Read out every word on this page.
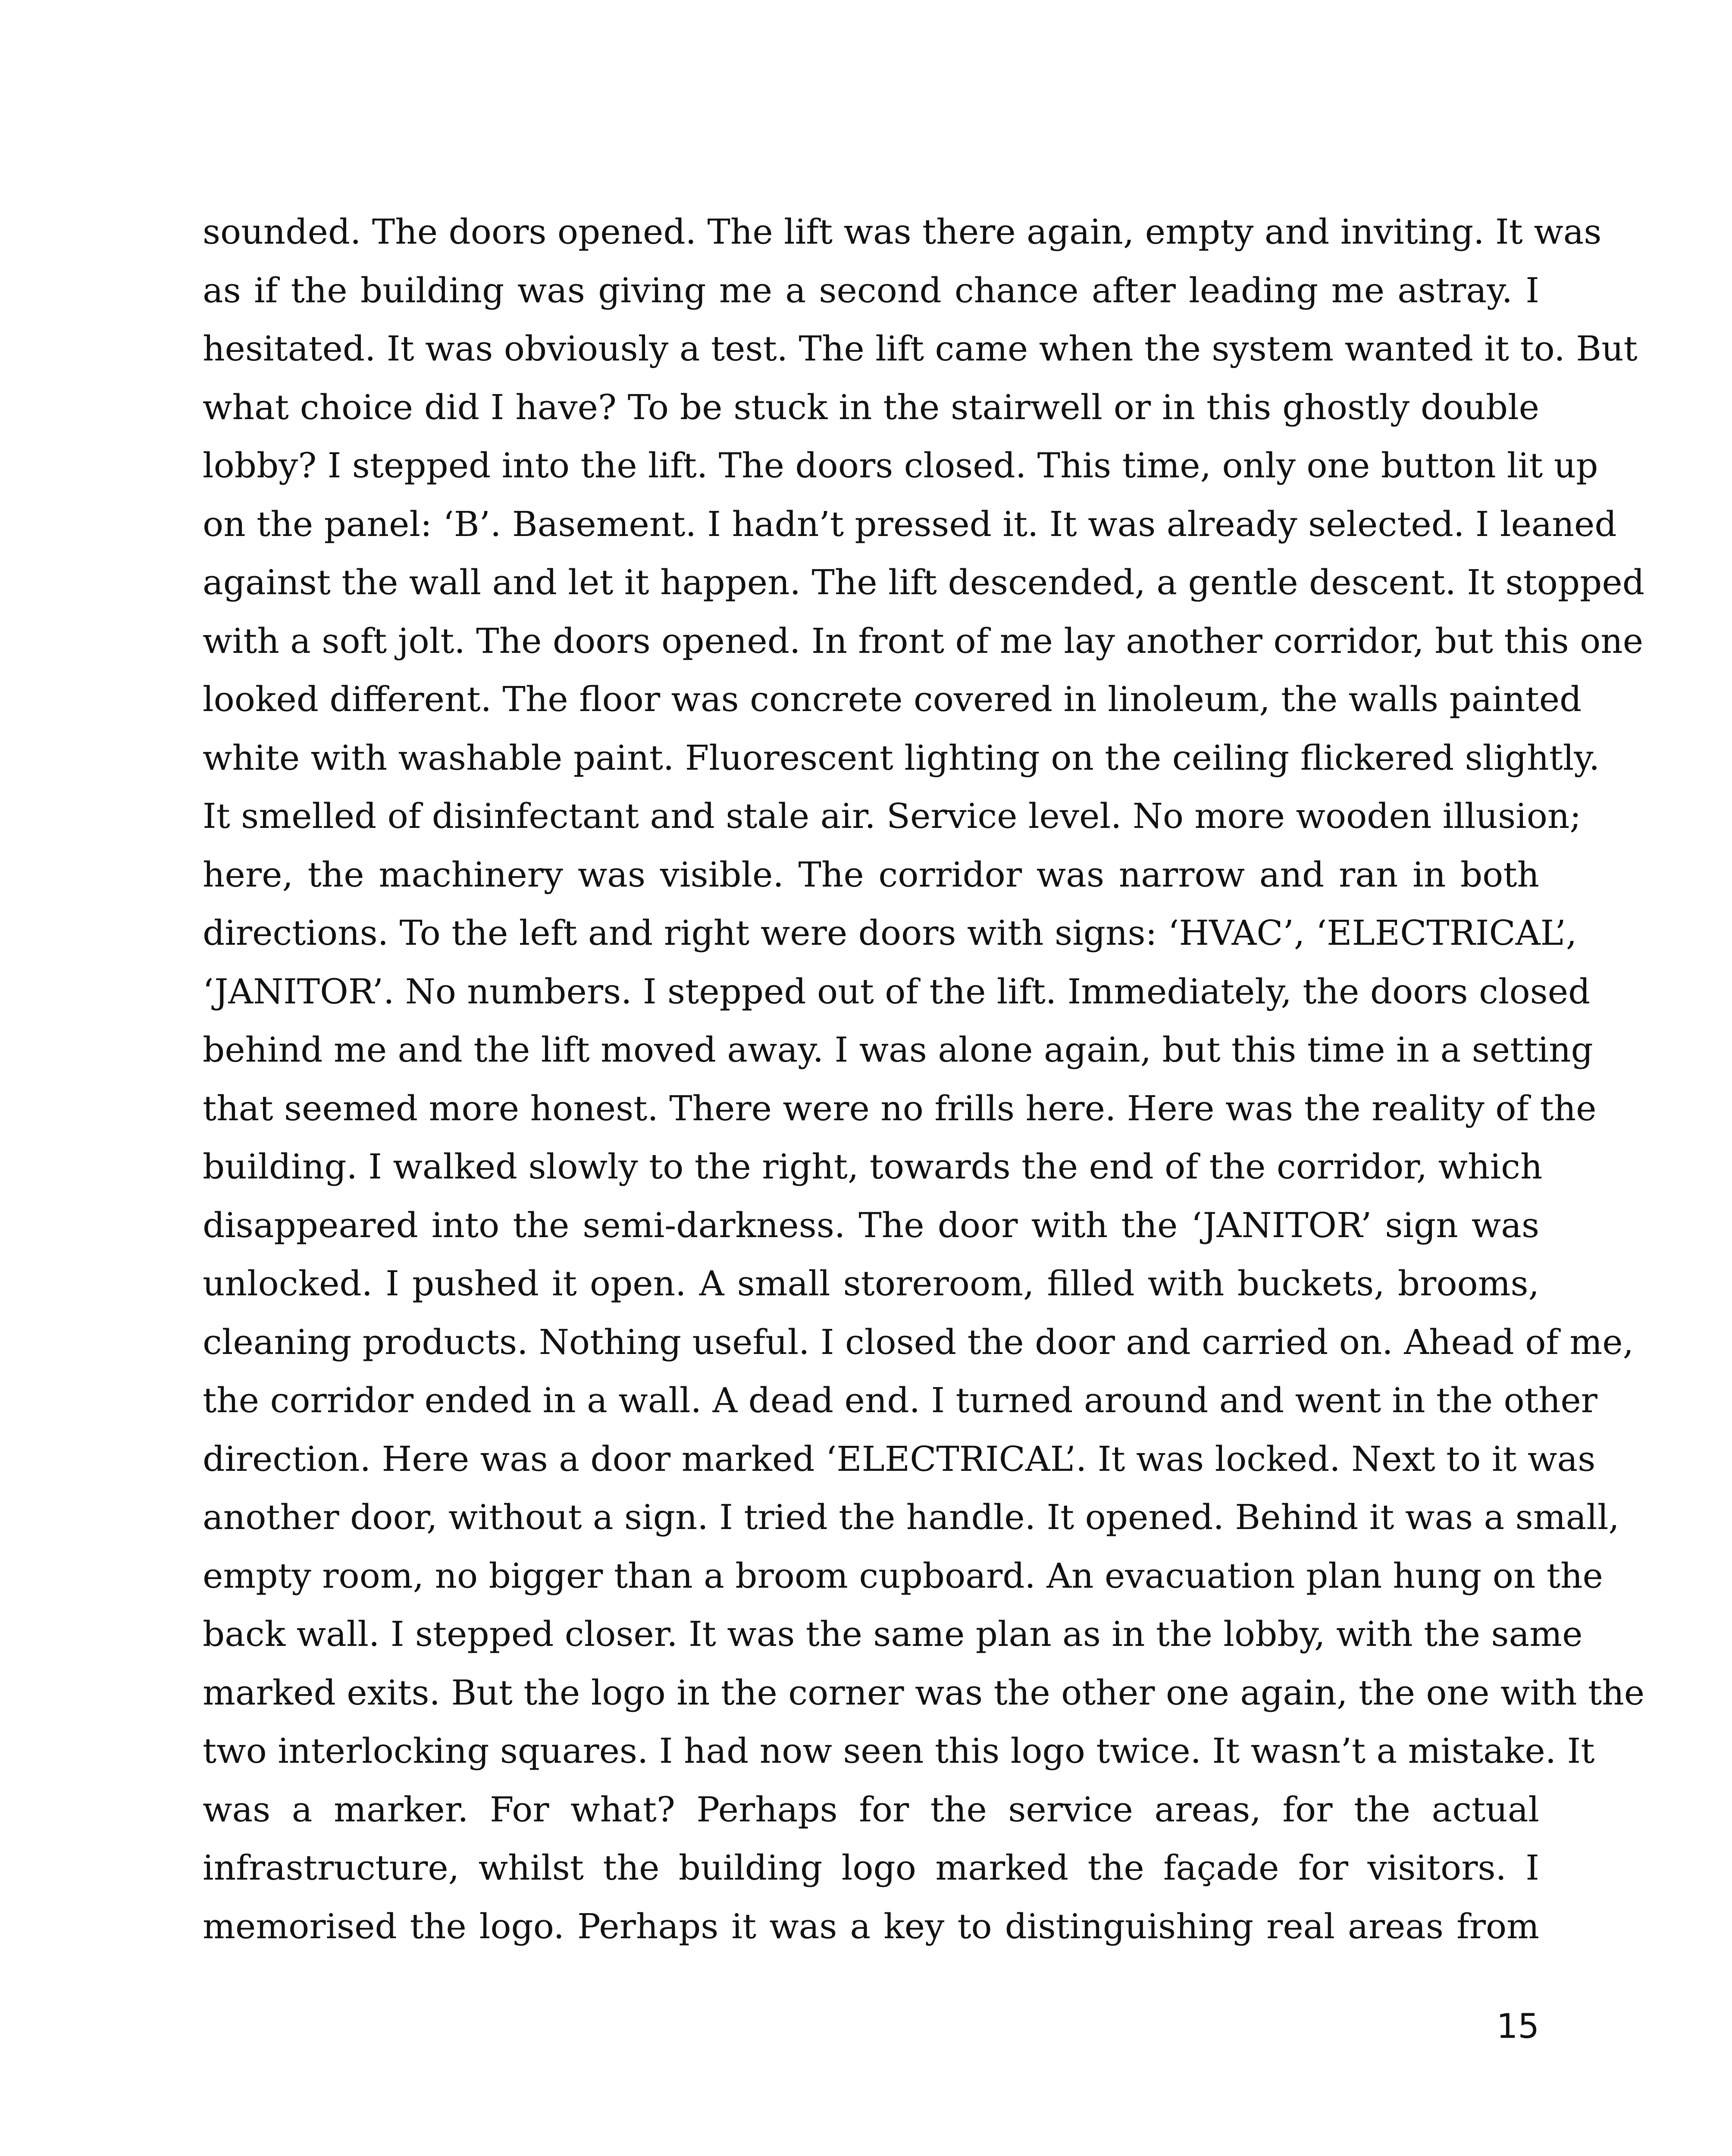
sounded. The doors opened. The lift was there again, empty and inviting. It was
as if the building was giving me a second chance after leading me astray. I
hesitated. It was obviously a test. The lift came when the system wanted it to. But
what choice did I have? To be stuck in the stairwell or in this ghostly double
lobby? I stepped into the lift. The doors closed. This time, only one button lit up
on the panel: ‘B’. Basement. I hadn’t pressed it. It was already selected. I leaned
against the wall and let it happen. The lift descended, a gentle descent. It stopped
with a soft jolt. The doors opened. In front of me lay another corridor, but this one
looked different. The floor was concrete covered in linoleum, the walls painted
white with washable paint. Fluorescent lighting on the ceiling flickered slightly.
It smelled of disinfectant and stale air. Service level. No more wooden illusion;
here, the machinery was visible. The corridor was narrow and ran in both
directions. To the left and right were doors with signs: ‘HVAC’, ‘ELECTRICAL’,
‘JANITOR’. No numbers. I stepped out of the lift. Immediately, the doors closed
behind me and the lift moved away. I was alone again, but this time in a setting
that seemed more honest. There were no frills here. Here was the reality of the
building. I walked slowly to the right, towards the end of the corridor, which
disappeared into the semi-darkness. The door with the ‘JANITOR’ sign was
unlocked. I pushed it open. A small storeroom, filled with buckets, brooms,
cleaning products. Nothing useful. I closed the door and carried on. Ahead of me,
the corridor ended in a wall. A dead end. I turned around and went in the other
direction. Here was a door marked ‘ELECTRICAL’. It was locked. Next to it was
another door, without a sign. I tried the handle. It opened. Behind it was a small,
empty room, no bigger than a broom cupboard. An evacuation plan hung on the
back wall. I stepped closer. It was the same plan as in the lobby, with the same
marked exits. But the logo in the corner was the other one again, the one with the
two interlocking squares. I had now seen this logo twice. It wasn’t a mistake. It
was a marker. For what? Perhaps for the service areas, for the actual
infrastructure, whilst the building logo marked the façade for visitors. I
memorised the logo. Perhaps it was a key to distinguishing real areas from
15
